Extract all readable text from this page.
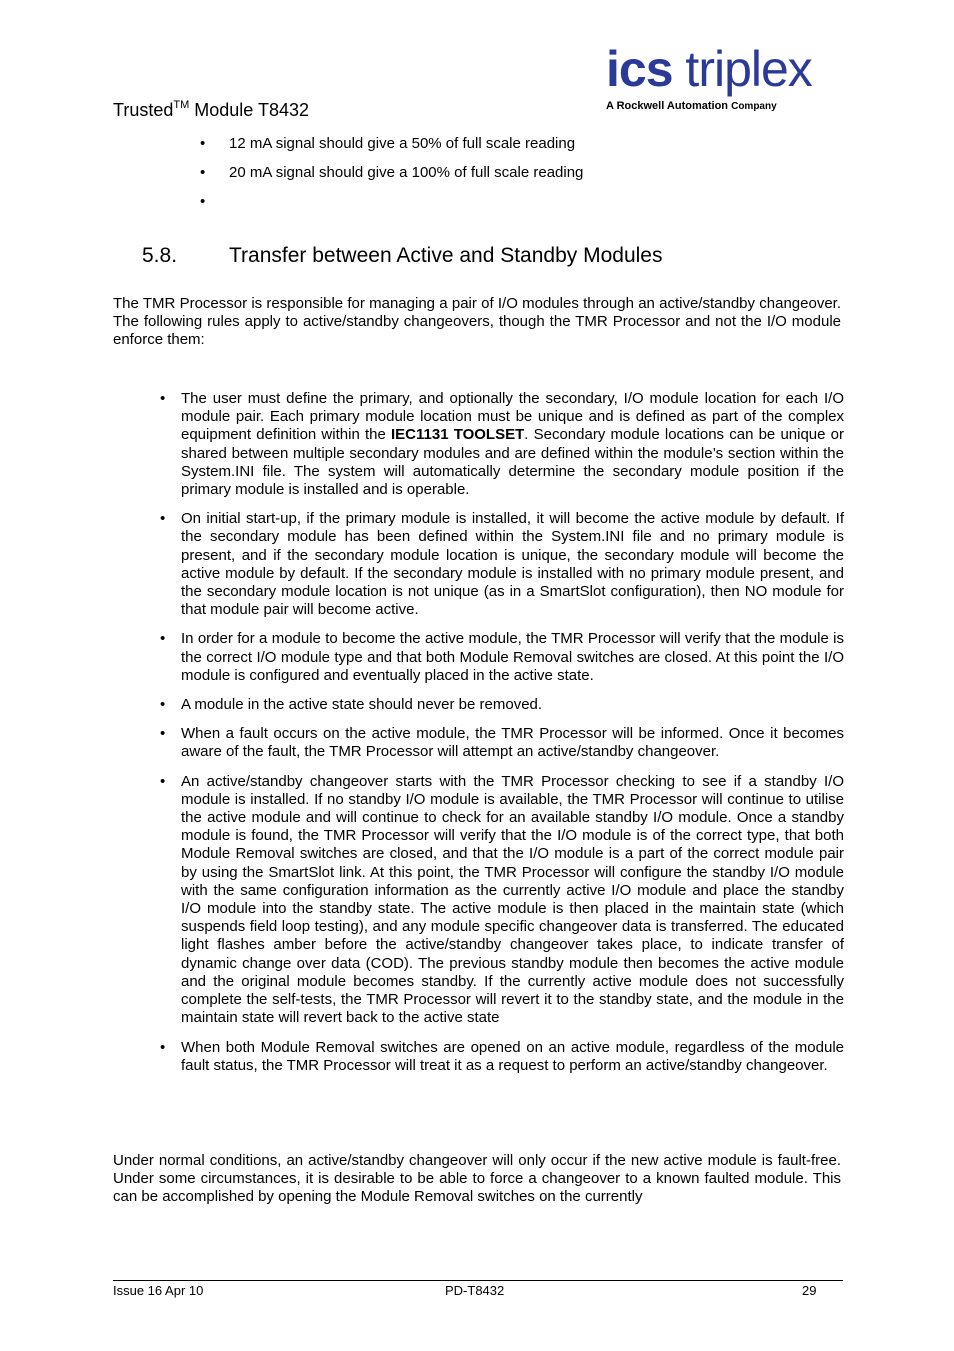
Trusted™ Module T8432
ics triplex
A Rockwell Automation Company
• 12 mA signal should give a 50% of full scale reading
• 20 mA signal should give a 100% of full scale reading
•
5.8. Transfer between Active and Standby Modules
The TMR Processor is responsible for managing a pair of I/O modules through an active/standby changeover. The following rules apply to active/standby changeovers, though the TMR Processor and not the I/O module enforce them:
• The user must define the primary, and optionally the secondary, I/O module location for each I/O module pair. Each primary module location must be unique and is defined as part of the complex equipment definition within the IEC1131 TOOLSET. Secondary module locations can be unique or shared between multiple secondary modules and are defined within the module’s section within the System.INI file. The system will automatically determine the secondary module position if the primary module is installed and is operable.
• On initial start-up, if the primary module is installed, it will become the active module by default. If the secondary module has been defined within the System.INI file and no primary module is present, and if the secondary module location is unique, the secondary module will become the active module by default. If the secondary module is installed with no primary module present, and the secondary module location is not unique (as in a SmartSlot configuration), then NO module for that module pair will become active.
• In order for a module to become the active module, the TMR Processor will verify that the module is the correct I/O module type and that both Module Removal switches are closed. At this point the I/O module is configured and eventually placed in the active state.
• A module in the active state should never be removed.
• When a fault occurs on the active module, the TMR Processor will be informed. Once it becomes aware of the fault, the TMR Processor will attempt an active/standby changeover.
• An active/standby changeover starts with the TMR Processor checking to see if a standby I/O module is installed. If no standby I/O module is available, the TMR Processor will continue to utilise the active module and will continue to check for an available standby I/O module. Once a standby module is found, the TMR Processor will verify that the I/O module is of the correct type, that both Module Removal switches are closed, and that the I/O module is a part of the correct module pair by using the SmartSlot link. At this point, the TMR Processor will configure the standby I/O module with the same configuration information as the currently active I/O module and place the standby I/O module into the standby state. The active module is then placed in the maintain state (which suspends field loop testing), and any module specific changeover data is transferred. The educated light flashes amber before the active/standby changeover takes place, to indicate transfer of dynamic change over data (COD). The previous standby module then becomes the active module and the original module becomes standby. If the currently active module does not successfully complete the self-tests, the TMR Processor will revert it to the standby state, and the module in the maintain state will revert back to the active state
• When both Module Removal switches are opened on an active module, regardless of the module fault status, the TMR Processor will treat it as a request to perform an active/standby changeover.
Under normal conditions, an active/standby changeover will only occur if the new active module is fault-free. Under some circumstances, it is desirable to be able to force a changeover to a known faulted module. This can be accomplished by opening the Module Removal switches on the currently
Issue 16 Apr 10	PD-T8432	29
